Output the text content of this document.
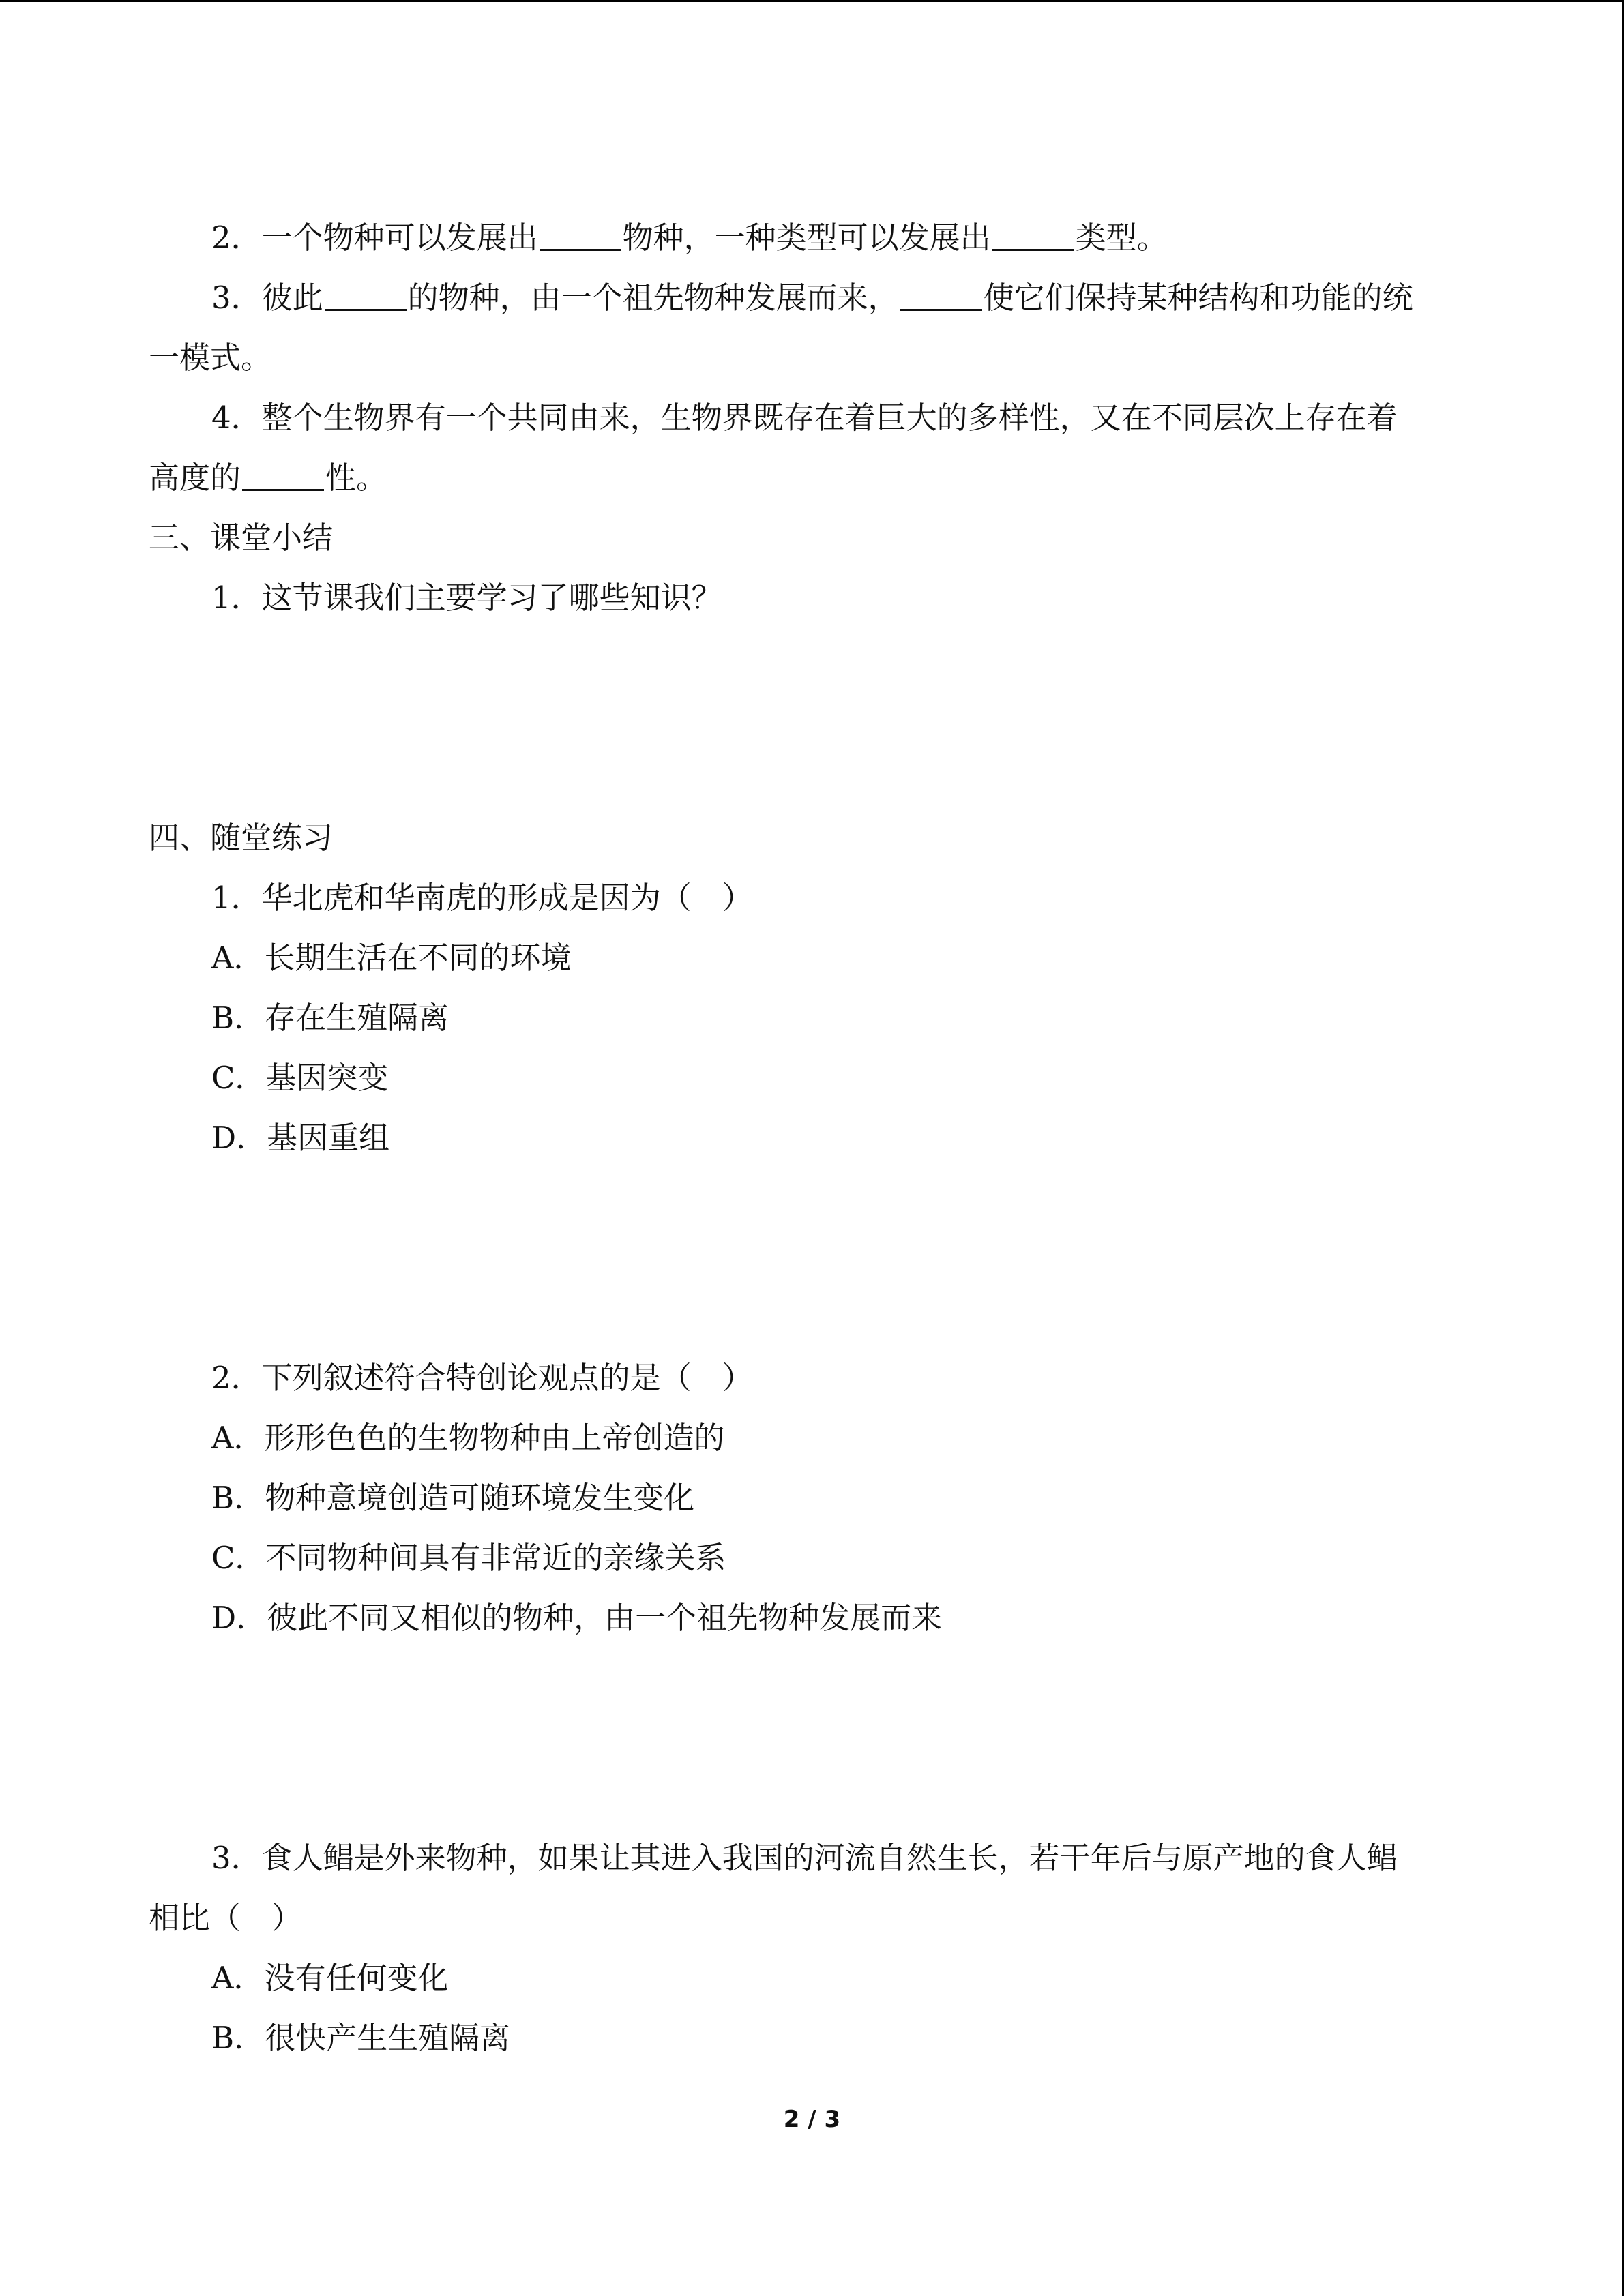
2．一个物种可以发展出	物种，一种类型可以发展出	类型。
3．彼此	的物种，由一个祖先物种发展而来，	使它们保持某种结构和功能的统
一模式。
4．整个生物界有一个共同由来，生物界既存在着巨大的多样性，又在不同层次上存在着
高度的	性。
三、课堂小结
1．这节课我们主要学习了哪些知识？
四、随堂练习
1．华北虎和华南虎的形成是因为（　）
A．长期生活在不同的环境
B．存在生殖隔离
C．基因突变
D．基因重组
2．下列叙述符合特创论观点的是（　）
A．形形色色的生物物种由上帝创造的
B．物种意境创造可随环境发生变化
C．不同物种间具有非常近的亲缘关系
D．彼此不同又相似的物种，由一个祖先物种发展而来
3．食人鲳是外来物种，如果让其进入我国的河流自然生长，若干年后与原产地的食人鲳
相比（　）
A．没有任何变化
B．很快产生生殖隔离
2 / 3
